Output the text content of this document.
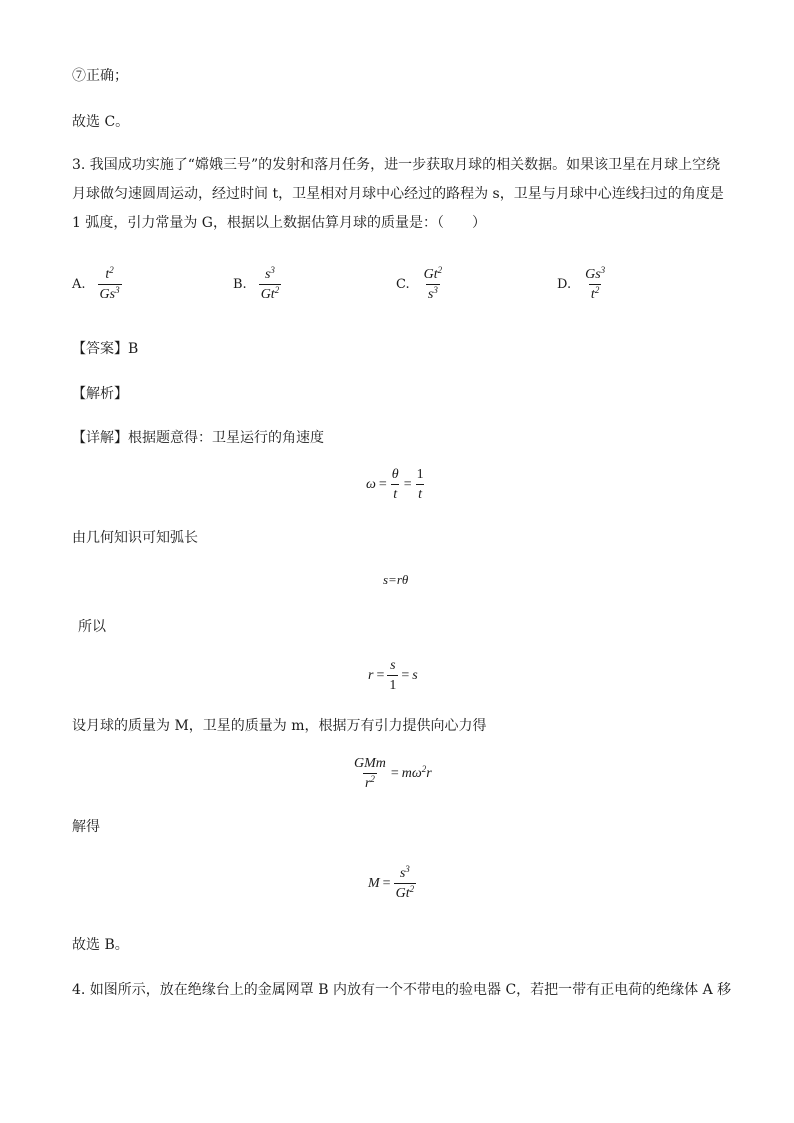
⑦正确；
故选 C。
3. 我国成功实施了“嫦娥三号”的发射和落月任务，进一步获取月球的相关数据。如果该卫星在月球上空绕月球做匀速圆周运动，经过时间 t，卫星相对月球中心经过的路程为 s，卫星与月球中心连线扫过的角度是 1 弧度，引力常量为 G，根据以上数据估算月球的质量是：（　　）
A. $\frac{t^2}{Gs^3}$	B. $\frac{s^3}{Gt^2}$	C. $\frac{Gt^2}{s^3}$	D. $\frac{Gs^3}{t^2}$
【答案】B
【解析】
【详解】根据题意得：卫星运行的角速度
$\omega = \frac{\theta}{t} = \frac{1}{t}$
由几何知识可知弧长
s=rθ
所以
$r = \frac{s}{1} = s$
设月球的质量为 M，卫星的质量为 m，根据万有引力提供向心力得
$\frac{\text{GMm}}{r^2} = m\omega^2r$
解得
$M = \frac{s^3}{Gt^2}$
故选 B。
4. 如图所示，放在绝缘台上的金属网罩 B 内放有一个不带电的验电器 C，若把一带有正电荷的绝缘体 A 移
